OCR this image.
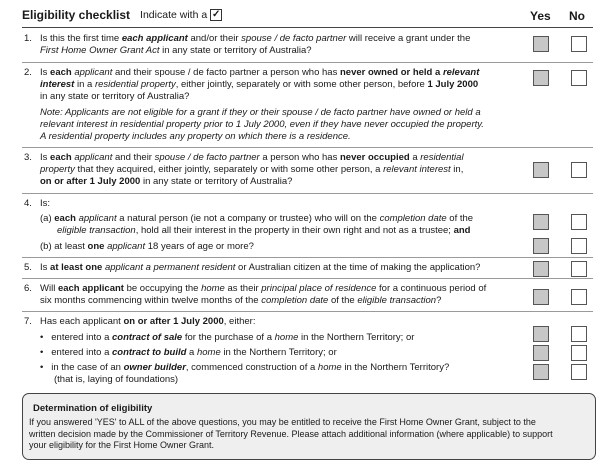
Eligibility checklist Indicate with a ✓	Yes No
1. Is this the first time each applicant and/or their spouse / de facto partner will receive a grant under the
First Home Owner Grant Act in any state or territory of Australia?
2. Is each applicant and their spouse / de facto partner a person who has never owned or held a relevant
interest in a residential property, either jointly, separately or with some other person, before 1 July 2000
in any state or territory of Australia?
Note: Applicants are not eligible for a grant if they or their spouse / de facto partner have owned or held a
relevant interest in residential property prior to 1 July 2000, even if they have never occupied the property.
A residential property includes any property on which there is a residence.
3. Is each applicant and their spouse / de facto partner a person who has never occupied a residential
property that they acquired, either jointly, separately or with some other person, a relevant interest in,
on or after 1 July 2000 in any state or territory of Australia?
4. Is:
(a) each applicant a natural person (ie not a company or trustee) who will on the completion date of the
eligible transaction, hold all their interest in the property in their own right and not as a trustee; and
(b) at least one applicant 18 years of age or more?
5. Is at least one applicant a permanent resident or Australian citizen at the time of making the application?
6. Will each applicant be occupying the home as their principal place of residence for a continuous period of
six months commencing within twelve months of the completion date of the eligible transaction?
7. Has each applicant on or after 1 July 2000, either:
• entered into a contract of sale for the purchase of a home in the Northern Territory; or
• entered into a contract to build a home in the Northern Territory; or
• in the case of an owner builder, commenced construction of a home in the Northern Territory?
(that is, laying of foundations)
Determination of eligibility
If you answered 'YES' to ALL of the above questions, you may be entitled to receive the First Home Owner Grant, subject to the
written decision made by the Commissioner of Territory Revenue. Please attach additional information (where applicable) to support
your eligibility for the First Home Owner Grant.
